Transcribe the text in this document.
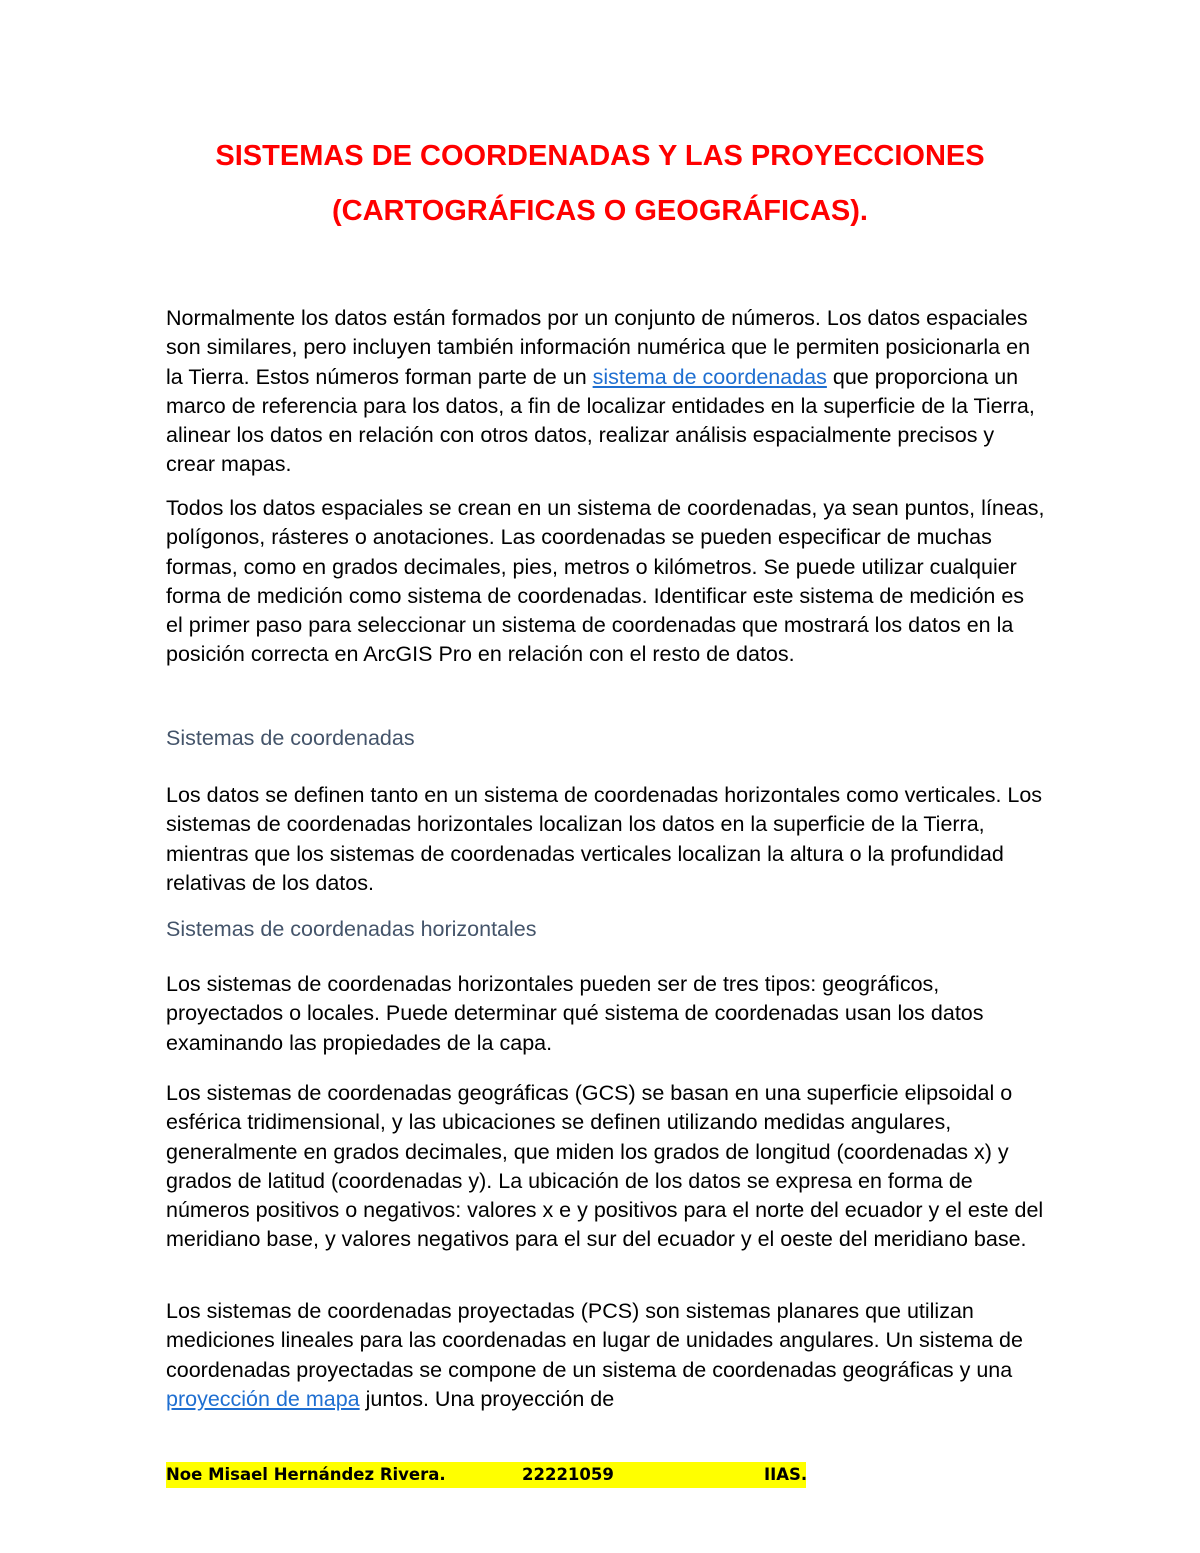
SISTEMAS DE COORDENADAS Y LAS PROYECCIONES
(CARTOGRÁFICAS O GEOGRÁFICAS).

Normalmente los datos están formados por un conjunto de números. Los datos espaciales son similares, pero incluyen también información numérica que le permiten posicionarla en la Tierra. Estos números forman parte de un sistema de coordenadas que proporciona un marco de referencia para los datos, a fin de localizar entidades en la superficie de la Tierra, alinear los datos en relación con otros datos, realizar análisis espacialmente precisos y crear mapas.

Todos los datos espaciales se crean en un sistema de coordenadas, ya sean puntos, líneas, polígonos, rásteres o anotaciones. Las coordenadas se pueden especificar de muchas formas, como en grados decimales, pies, metros o kilómetros. Se puede utilizar cualquier forma de medición como sistema de coordenadas. Identificar este sistema de medición es el primer paso para seleccionar un sistema de coordenadas que mostrará los datos en la posición correcta en ArcGIS Pro en relación con el resto de datos.

Sistemas de coordenadas

Los datos se definen tanto en un sistema de coordenadas horizontales como verticales. Los sistemas de coordenadas horizontales localizan los datos en la superficie de la Tierra, mientras que los sistemas de coordenadas verticales localizan la altura o la profundidad relativas de los datos.

Sistemas de coordenadas horizontales

Los sistemas de coordenadas horizontales pueden ser de tres tipos: geográficos, proyectados o locales. Puede determinar qué sistema de coordenadas usan los datos examinando las propiedades de la capa.

Los sistemas de coordenadas geográficas (GCS) se basan en una superficie elipsoidal o esférica tridimensional, y las ubicaciones se definen utilizando medidas angulares, generalmente en grados decimales, que miden los grados de longitud (coordenadas x) y grados de latitud (coordenadas y). La ubicación de los datos se expresa en forma de números positivos o negativos: valores x e y positivos para el norte del ecuador y el este del meridiano base, y valores negativos para el sur del ecuador y el oeste del meridiano base.

Los sistemas de coordenadas proyectadas (PCS) son sistemas planares que utilizan mediciones lineales para las coordenadas en lugar de unidades angulares. Un sistema de coordenadas proyectadas se compone de un sistema de coordenadas geográficas y una proyección de mapa juntos. Una proyección de

Noe Misael Hernández Rivera.	22221059	IIAS.
